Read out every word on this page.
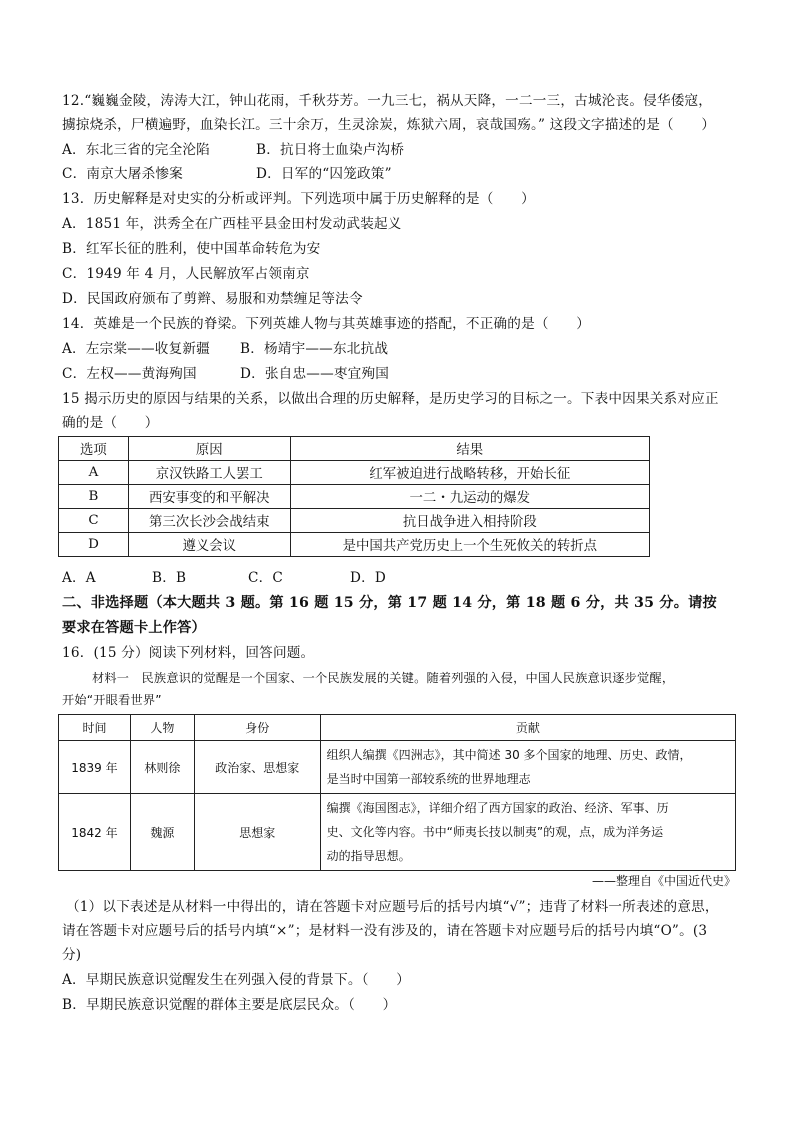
12.“巍巍金陵，涛涛大江，钟山花雨，千秋芬芳。一九三七，祸从天降，一二一三，古城沦丧。侵华倭寇，
擄掠烧杀，尸横遍野，血染长江。三十余万，生灵涂炭，炼狱六周，哀哉国殇。” 这段文字描述的是（　　）
A．东北三省的完全沦陷	B．抗日将士血染卢沟桥
C．南京大屠杀惨案	D．日军的“囚笼政策”
13．历史解释是对史实的分析或评判。下列选项中属于历史解释的是（　　）
A．1851 年，洪秀全在广西桂平县金田村发动武装起义
B．红军长征的胜利，使中国革命转危为安
C．1949 年 4 月，人民解放军占领南京
D．民国政府颁布了剪辫、易服和劝禁缠足等法令
14．英雄是一个民族的脊梁。下列英雄人物与其英雄事迹的搭配，不正确的是（　　）
A．左宗棠——收复新疆 B．杨靖宇——东北抗战
C．左权——黄海殉国	D．张自忠——枣宜殉国
15 揭示历史的原因与结果的关系，以做出合理的历史解释，是历史学习的目标之一。下表中因果关系对应正
确的是（　　）
选项	原因	结果
A	京汉铁路工人罢工	红军被迫进行战略转移，开始长征
B	西安事变的和平解决	一二・九运动的爆发
C	第三次长沙会战结束	抗日战争进入相持阶段
D	遵义会议	是中国共产党历史上一个生死攸关的转折点
A．A	B．B	C．C	D．D
二、非选择题（本大题共 3 题。第 16 题 15 分，第 17 题 14 分，第 18 题 6 分，共 35 分。请按
要求在答题卡上作答）
16．(15 分）阅读下列材料，回答问题。
材料一　民族意识的觉醒是一个国家、一个民族发展的关键。随着列强的入侵，中国人民族意识逐步觉醒，
开始“开眼看世界”
时间	人物	身份	贡献
1839 年	林则徐	政治家、思想家	组织人编撰《四洲志》，其中简述 30 多个国家的地理、历史、政情，
是当时中国第一部较系统的世界地理志

1842 年	魏源	思想家	编撰《海国图志》，详细介绍了西方国家的政治、经济、军事、历
史、文化等内容。书中“师夷长技以制夷”的观，点，成为洋务运
动的指导思想。
——整理自《中国近代史》
（1）以下表述是从材料一中得出的，请在答题卡对应题号后的括号内填“√”；违背了材料一所表述的意思，
请在答题卡对应题号后的括号内填“×”；是材料一没有涉及的，请在答题卡对应题号后的括号内填“O”。(3
分)
A．早期民族意识觉醒发生在列强入侵的背景下。（　　）
B．早期民族意识觉醒的群体主要是底层民众。（　　）
